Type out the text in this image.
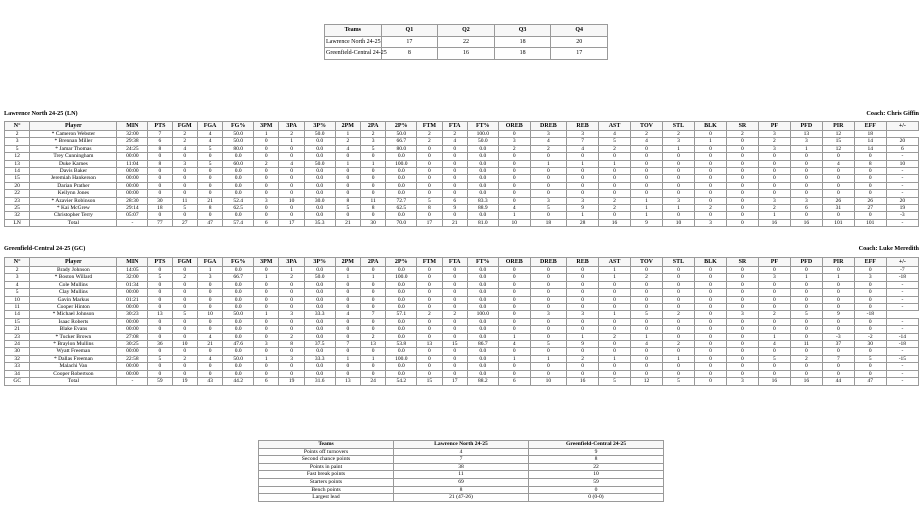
Teams	Q1	Q2	Q3	Q4
Lawrence North 24-25	17	22	18	20
Greenfield-Central 24-25	8	16	18	17
Lawrence North 24-25 (LN)	Coach: Chris Giffin
N°	Player	MIN	PTS	FGM	FGA	FG%	3PM	3PA	3P%	2PM	2PA	2P%	FTM	FTA	FT%	OREB	DREB	REB	AST	TOV	STL	BLK	SR	PF	PFD	PIR	EFF	+/-
2	* Cameron Webster	32:00	7	2	4	50.0	1	2	50.0	1	2	50.0	2	2	100.0	0	3	3	4	2	2	0	2	3	13	12	18	
3	* Brennan Miller	29:38	6	2	4	50.0	0	1	0.0	2	3	66.7	2	4	50.0	3	4	7	5	4	3	1	0	2	3	15	14	20
5	* Jamar Thomas	24:25	8	4	5	80.0	0	0	0.0	4	5	80.0	0	0	0.0	2	2	4	2	0	1	0	0	3	1	12	14	6
12	Trey Cunningham	00:00	0	0	0	0.0	0	0	0.0	0	0	0.0	0	0	0.0	0	0	0	0	0	0	0	0	0	0	0	0	-
13	Duke Karnes	11:04	8	3	5	60.0	2	4	50.0	1	1	100.0	0	0	0.0	0	1	1	1	0	0	0	0	0	0	4	8	10
14	Davis Baker	00:00	0	0	0	0.0	0	0	0.0	0	0	0.0	0	0	0.0	0	0	0	0	0	0	0	0	0	0	0	0	-
15	Jeremiah Hankerson	00:00	0	0	0	0.0	0	0	0.0	0	0	0.0	0	0	0.0	0	0	0	0	0	0	0	0	0	0	0	0	-
20	Darian Prather	00:00	0	0	0	0.0	0	0	0.0	0	0	0.0	0	0	0.0	0	0	0	0	0	0	0	0	0	0	0	0	-
22	Keilynn Jones	00:00	0	0	0	0.0	0	0	0.0	0	0	0.0	0	0	0.0	0	0	0	0	0	0	0	0	0	0	0	0	-
23	* Azavier Robinson	28:30	30	11	21	52.4	3	10	30.0	8	11	72.7	5	6	83.3	0	3	3	2	1	3	0	0	3	3	26	26	20
25	* Kai McGrew	29:14	18	5	8	62.5	0	0	0.0	5	8	62.5	8	9	88.9	4	5	9	2	1	1	2	0	2	6	31	27	19
32	Christopher Terry	05:07	0	0	0	0.0	0	0	0.0	0	0	0.0	0	0	0.0	1	0	1	0	1	0	0	0	1	0	0	0	-3
LN	Total	-	77	27	47	57.4	6	17	35.3	21	30	70.0	17	21	81.0	10	18	28	16	9	10	3	0	16	16	101	101	-
Greenfield-Central 24-25 (GC)	Coach: Luke Meredith
N°	Player	MIN	PTS	FGM	FGA	FG%	3PM	3PA	3P%	2PM	2PA	2P%	FTM	FTA	FT%	OREB	DREB	REB	AST	TOV	STL	BLK	SR	PF	PFD	PIR	EFF	+/-
2	Brady Johnson	14:05	0	0	1	0.0	0	1	0.0	0	0	0.0	0	0	0.0	0	0	0	1	0	0	0	0	0	0	0	0	-7
3	* Boston Willard	32:00	5	2	3	66.7	1	2	50.0	1	1	100.0	0	0	0.0	0	0	0	1	2	0	0	0	3	1	1	3	-18
4	Cole Mullins	01:34	0	0	0	0.0	0	0	0.0	0	0	0.0	0	0	0.0	0	0	0	0	0	0	0	0	0	0	0	0	-
5	Clay Mullins	00:00	0	0	0	0.0	0	0	0.0	0	0	0.0	0	0	0.0	0	0	0	0	0	0	0	0	0	0	0	0	-
10	Gavin Markus	01:21	0	0	0	0.0	0	0	0.0	0	0	0.0	0	0	0.0	0	0	0	0	0	0	0	0	0	0	0	0	-
11	Cooper Hinton	00:00	0	0	0	0.0	0	0	0.0	0	0	0.0	0	0	0.0	0	0	0	0	0	0	0	0	0	0	0	0	-
14	* Michael Johnson	30:23	13	5	10	50.0	1	3	33.3	4	7	57.1	2	2	100.0	0	3	3	1	5	2	0	3	2	5	9	-18	
15	Isaac Roberts	00:00	0	0	0	0.0	0	0	0.0	0	0	0.0	0	0	0.0	0	0	0	0	0	0	0	0	0	0	0	0	-
21	Blake Evans	00:00	0	0	0	0.0	0	0	0.0	0	0	0.0	0	0	0.0	0	0	0	0	0	0	0	0	0	0	0	0	-
23	* Tucker Brown	27:08	0	0	4	0.0	0	2	0.0	0	2	0.0	0	0	0.0	1	0	1	2	1	0	0	0	1	0	-3	-2	-14
24	* Braylon Mullins	30:25	36	10	21	47.6	3	8	37.5	7	13	53.8	13	15	86.7	4	5	9	0	4	2	0	0	4	11	37	30	-18
30	Wyatt Freeman	00:00	0	0	0	0.0	0	0	0.0	0	0	0.0	0	0	0.0	0	0	0	0	0	0	0	0	0	0	0	0	-
32	* Dallas Freeman	22:58	5	2	4	50.0	1	3	33.3	1	1	100.0	0	0	0.0	1	1	2	1	0	1	0	0	5	2	7	5	-15
33	Malachi Van	00:00	0	0	0	0.0	0	0	0.0	0	0	0.0	0	0	0.0	0	0	0	0	0	0	0	0	0	0	0	0	-
34	Cooper Robertson	00:00	0	0	0	0.0	0	0	0.0	0	0	0.0	0	0	0.0	0	0	0	0	0	0	0	0	0	0	0	0	-
GC	Total	-	59	19	43	44.2	6	19	31.6	13	24	54.2	15	17	88.2	6	10	16	5	12	5	0	3	16	16	44	47	-
Teams	Lawrence North 24-25	Greenfield-Central 24-25
Points off turnovers	4	9
Second chance points	7	8
Points in paint	38	22
Fast break points	11	10
Starters points	69	59
Bench points	8	0
Largest lead	21 (47-26)	0 (0-0)
